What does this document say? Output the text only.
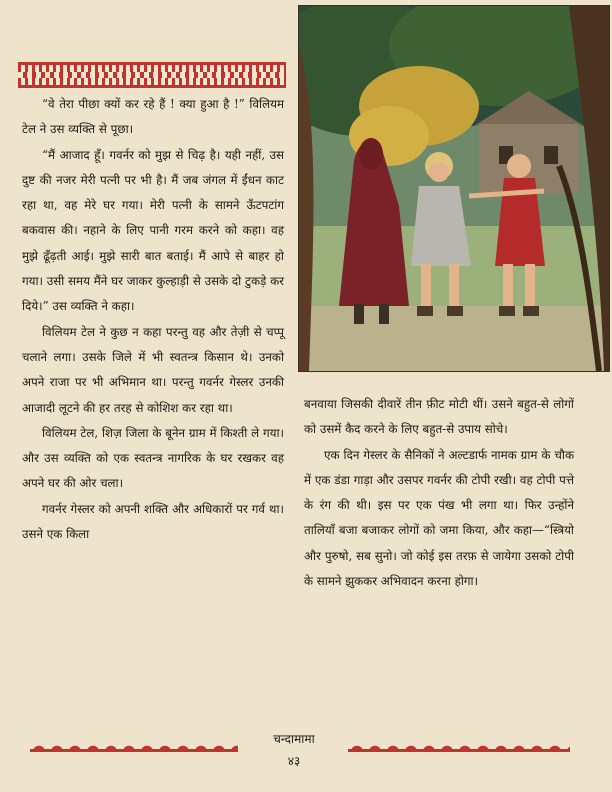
“वे तेरा पीछा क्यों कर रहे हैं ! क्या हुआ है !” विलियम टेल ने उस व्यक्ति से पूछा।

“मैं आजाद हूँ। गवर्नर को मुझ से चिढ़ है। यही नहीं, उस दुष्ट की नजर मेरी पत्नी पर भी है। मैं जब जंगल में ईंधन काट रहा था, वह मेरे घर गया। मेरी पत्नी के सामने ऊँटपटांग बकवास की। नहाने के लिए पानी गरम करने को कहा। वह मुझे ढूँढ़ती आई। मुझे सारी बात बताई। मैं आपे से बाहर हो गया। उसी समय मैंने घर जाकर कुल्हाड़ी से उसके दो टुकड़े कर दिये।” उस व्यक्ति ने कहा।

विलियम टेल ने कुछ न कहा परन्तु वह और तेज़ी से चप्पू चलाने लगा। उसके जिले में भी स्वतन्त्र किसान थे। उनको अपने राजा पर भी अभिमान था। परन्तु गवर्नर गेस्लर उनकी आजादी लूटने की हर तरह से कोशिश कर रहा था।

विलियम टेल, शिज़ जिला के बूनेन ग्राम में किश्ती ले गया। और उस व्यक्ति को एक स्वतन्त्र नागरिक के घर रखकर वह अपने घर की ओर चला।

गवर्नर गेस्लर को अपनी शक्ति और अधिकारों पर गर्व था। उसने एक किला

बनवाया जिसकी दीवारें तीन फ़ीट मोटी थीं। उसने बहुत-से लोगों को उसमें कैद करने के लिए बहुत-से उपाय सोचे।

एक दिन गेस्लर के सैनिकों ने अल्टडार्फ नामक ग्राम के चौक में एक डंडा गाड़ा और उसपर गवर्नर की टोपी रखी। वह टोपी पत्ते के रंग की थी। इस पर एक पंख भी लगा था। फिर उन्होंने तालियाँ बजा बजाकर लोगों को जमा किया, और कहा—“स्त्रियो और पुरुषो, सब सुनो। जो कोई इस तरफ़ से जायेगा उसको टोपी के सामने झुककर अभिवादन करना होगा।

चन्दामामा
४३
